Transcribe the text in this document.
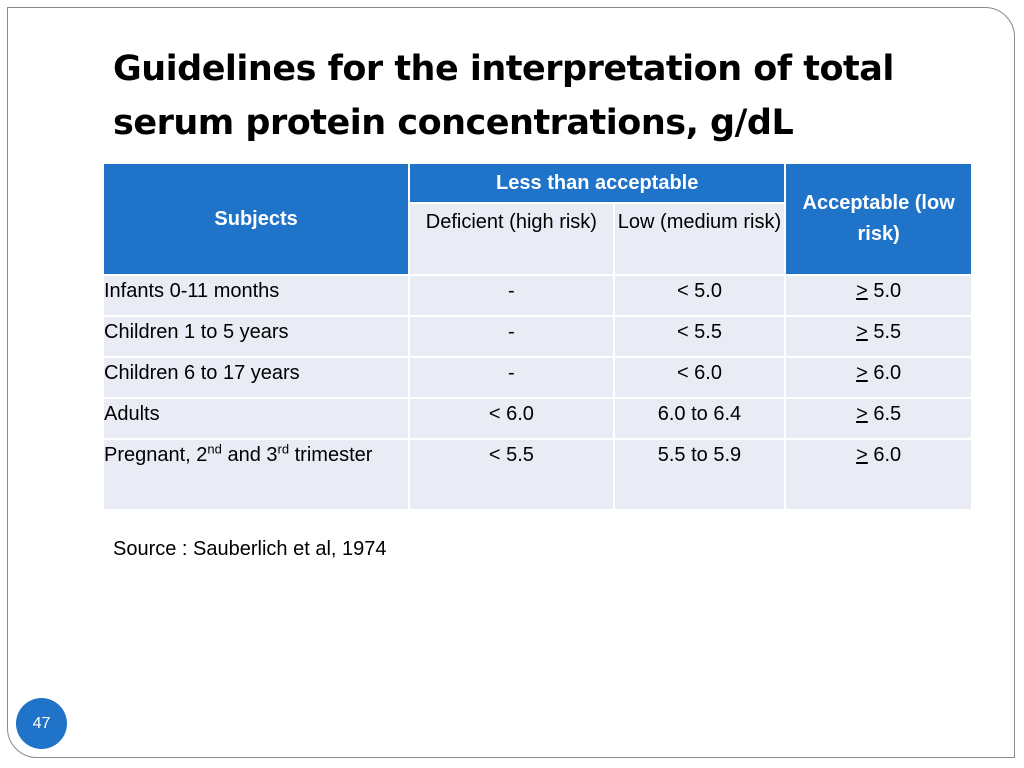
Guidelines for the interpretation of total
serum protein concentrations, g/dL
Subjects	Less than acceptable		Acceptable (low risk)
	Deficient (high risk)	Low (medium risk)	
Infants 0-11 months	-	< 5.0	≥ 5.0
Children 1 to 5 years	-	< 5.5	≥ 5.5
Children 6 to 17 years	-	< 6.0	≥ 6.0
Adults	< 6.0	6.0 to 6.4	≥ 6.5
Pregnant, 2nd and 3rd trimester	< 5.5	5.5 to 5.9	≥ 6.0
Source : Sauberlich et al, 1974
47
